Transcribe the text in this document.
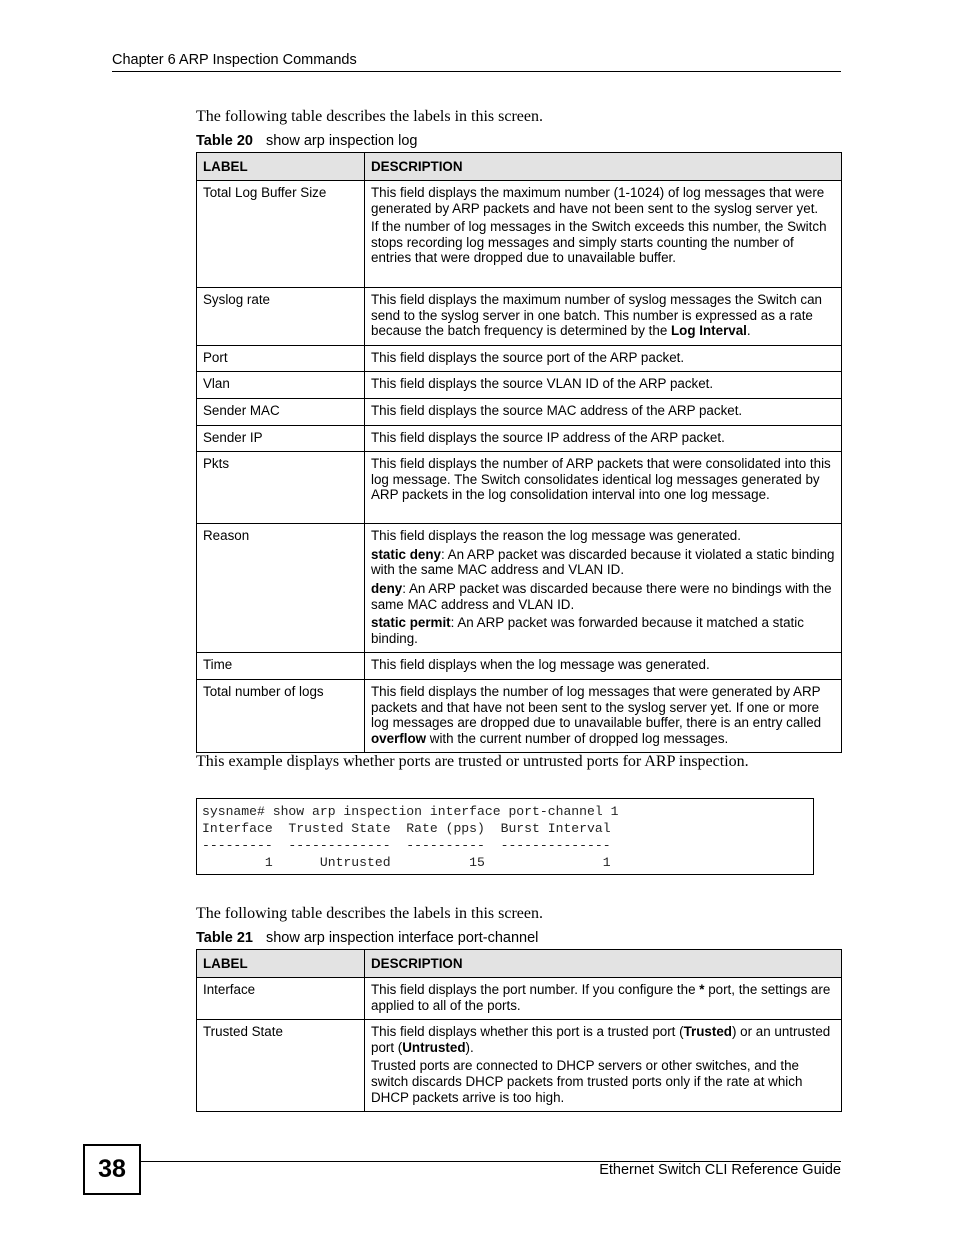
Chapter 6 ARP Inspection Commands
The following table describes the labels in this screen.
Table 20 show arp inspection log
LABEL	DESCRIPTION
Total Log Buffer Size	This field displays the maximum number (1-1024) of log messages that were generated by ARP packets and have not been sent to the syslog server yet.

If the number of log messages in the Switch exceeds this number, the Switch stops recording log messages and simply starts counting the number of entries that were dropped due to unavailable buffer.

Syslog rate	This field displays the maximum number of syslog messages the Switch can send to the syslog server in one batch. This number is expressed as a rate because the batch frequency is determined by the Log Interval.

Port	This field displays the source port of the ARP packet.
Vlan	This field displays the source VLAN ID of the ARP packet.
Sender MAC	This field displays the source MAC address of the ARP packet.
Sender IP	This field displays the source IP address of the ARP packet.
Pkts	This field displays the number of ARP packets that were consolidated into this log message. The Switch consolidates identical log messages generated by ARP packets in the log consolidation interval into one log message.
Reason	This field displays the reason the log message was generated.

static deny: An ARP packet was discarded because it violated a static binding with the same MAC address and VLAN ID.

deny: An ARP packet was discarded because there were no bindings with the same MAC address and VLAN ID.

static permit: An ARP packet was forwarded because it matched a static binding.

Time	This field displays when the log message was generated.
Total number of logs	This field displays the number of log messages that were generated by ARP packets and that have not been sent to the syslog server yet. If one or more log messages are dropped due to unavailable buffer, there is an entry called overflow with the current number of dropped log messages.

This example displays whether ports are trusted or untrusted ports for ARP inspection.
sysname# show arp inspection interface port-channel 1
Interface  Trusted State  Rate (pps)  Burst Interval
---------  -------------  ----------  --------------
1      Untrusted          15               1
The following table describes the labels in this screen.
Table 21 show arp inspection interface port-channel
LABEL	DESCRIPTION
Interface	This field displays the port number. If you configure the * port, the settings are applied to all of the ports.

Trusted State	This field displays whether this port is a trusted port (Trusted) or an untrusted port (Untrusted).

Trusted ports are connected to DHCP servers or other switches, and the switch discards DHCP packets from trusted ports only if the rate at which DHCP packets arrive is too high.

38	Ethernet Switch CLI Reference Guide
